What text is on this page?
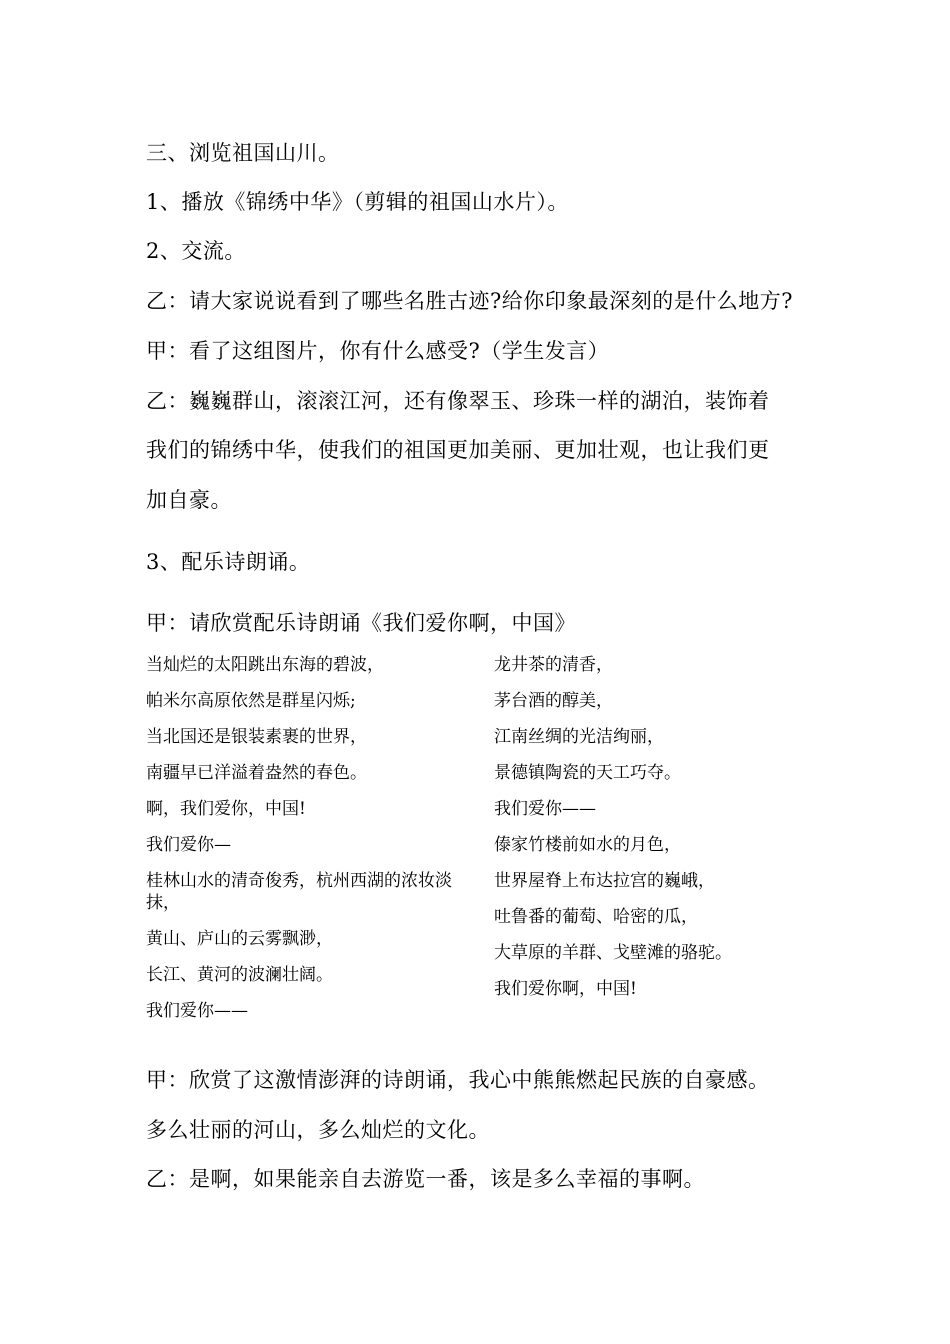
三、浏览祖国山川。
1、播放《锦绣中华》（剪辑的祖国山水片）。
2、交流。
乙：请大家说说看到了哪些名胜古迹?给你印象最深刻的是什么地方?
甲：看了这组图片，你有什么感受?（学生发言）
乙：巍巍群山，滚滚江河，还有像翠玉、珍珠一样的湖泊，装饰着
我们的锦绣中华，使我们的祖国更加美丽、更加壮观，也让我们更
加自豪。
3、配乐诗朗诵。
甲：请欣赏配乐诗朗诵《我们爱你啊，中国》
当灿烂的太阳跳出东海的碧波，
帕米尔高原依然是群星闪烁;
当北国还是银装素裹的世界，
南疆早已洋溢着盎然的春色。
啊，我们爱你，中国!
我们爱你—
桂林山水的清奇俊秀，杭州西湖的浓妆淡抹，
黄山、庐山的云雾飘渺，
长江、黄河的波澜壮阔。
我们爱你——
龙井茶的清香，
茅台酒的醇美，
江南丝绸的光洁绚丽，
景德镇陶瓷的天工巧夺。
我们爱你——
傣家竹楼前如水的月色，
世界屋脊上布达拉宫的巍峨，
吐鲁番的葡萄、哈密的瓜，
大草原的羊群、戈壁滩的骆驼。
我们爱你啊，中国!
甲：欣赏了这激情澎湃的诗朗诵，我心中熊熊燃起民族的自豪感。
多么壮丽的河山，多么灿烂的文化。
乙：是啊，如果能亲自去游览一番，该是多么幸福的事啊。
